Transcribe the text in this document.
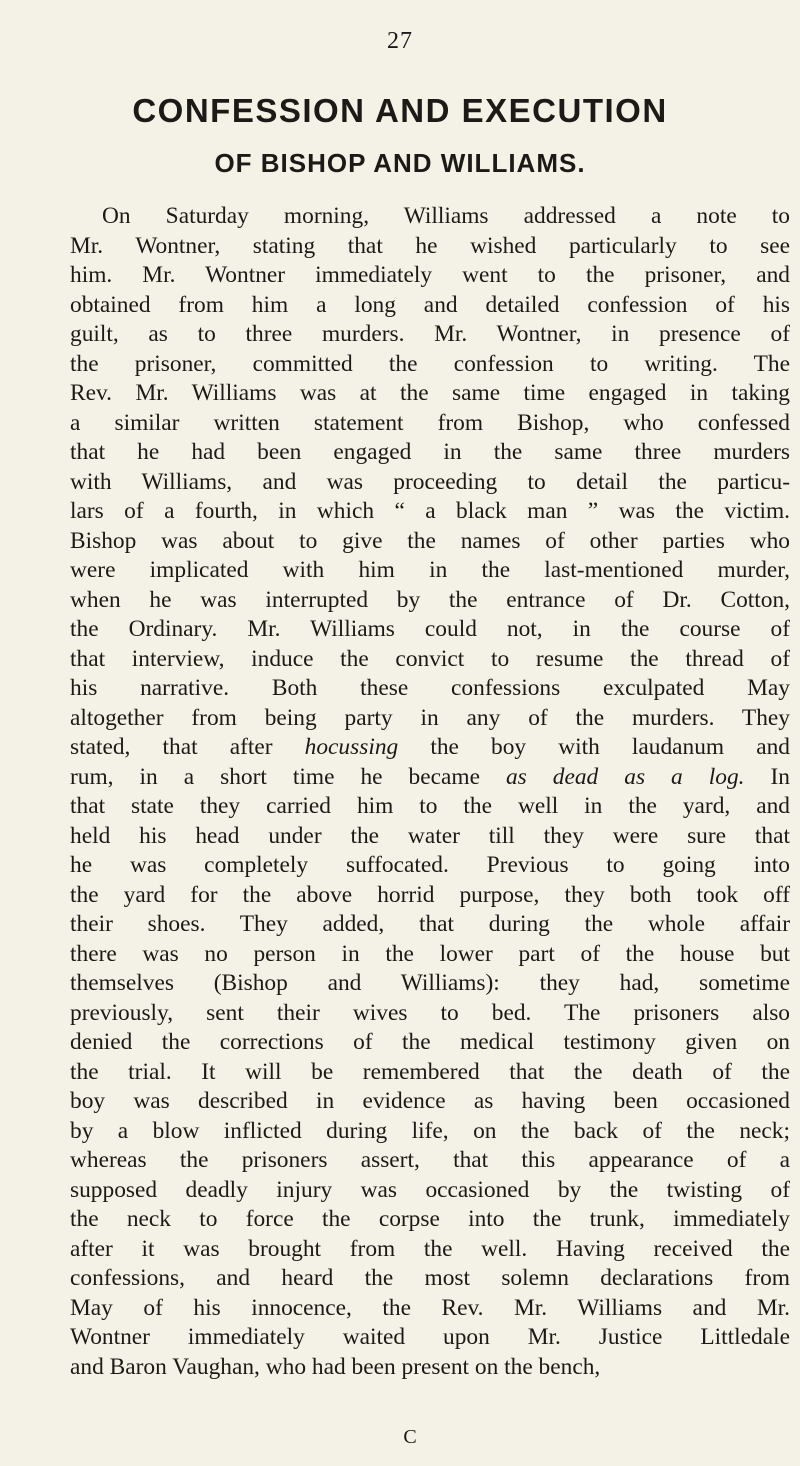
27
CONFESSION AND EXECUTION
OF BISHOP AND WILLIAMS.
On Saturday morning, Williams addressed a note to
Mr. Wontner, stating that he wished particularly to see
him. Mr. Wontner immediately went to the prisoner, and
obtained from him a long and detailed confession of his
guilt, as to three murders. Mr. Wontner, in presence of
the prisoner, committed the confession to writing. The
Rev. Mr. Williams was at the same time engaged in taking
a similar written statement from Bishop, who confessed
that he had been engaged in the same three murders
with Williams, and was proceeding to detail the particu-
lars of a fourth, in which “ a black man ” was the victim.
Bishop was about to give the names of other parties who
were implicated with him in the last-mentioned murder,
when he was interrupted by the entrance of Dr. Cotton,
the Ordinary. Mr. Williams could not, in the course of
that interview, induce the convict to resume the thread of
his narrative. Both these confessions exculpated May
altogether from being party in any of the murders. They
stated, that after hocussing the boy with laudanum and
rum, in a short time he became as dead as a log. In
that state they carried him to the well in the yard, and
held his head under the water till they were sure that
he was completely suffocated. Previous to going into
the yard for the above horrid purpose, they both took off
their shoes. They added, that during the whole affair
there was no person in the lower part of the house but
themselves (Bishop and Williams): they had, sometime
previously, sent their wives to bed. The prisoners also
denied the corrections of the medical testimony given on
the trial. It will be remembered that the death of the
boy was described in evidence as having been occasioned
by a blow inflicted during life, on the back of the neck;
whereas the prisoners assert, that this appearance of a
supposed deadly injury was occasioned by the twisting of
the neck to force the corpse into the trunk, immediately
after it was brought from the well. Having received the
confessions, and heard the most solemn declarations from
May of his innocence, the Rev. Mr. Williams and Mr.
Wontner immediately waited upon Mr. Justice Littledale
and Baron Vaughan, who had been present on the bench,
C
